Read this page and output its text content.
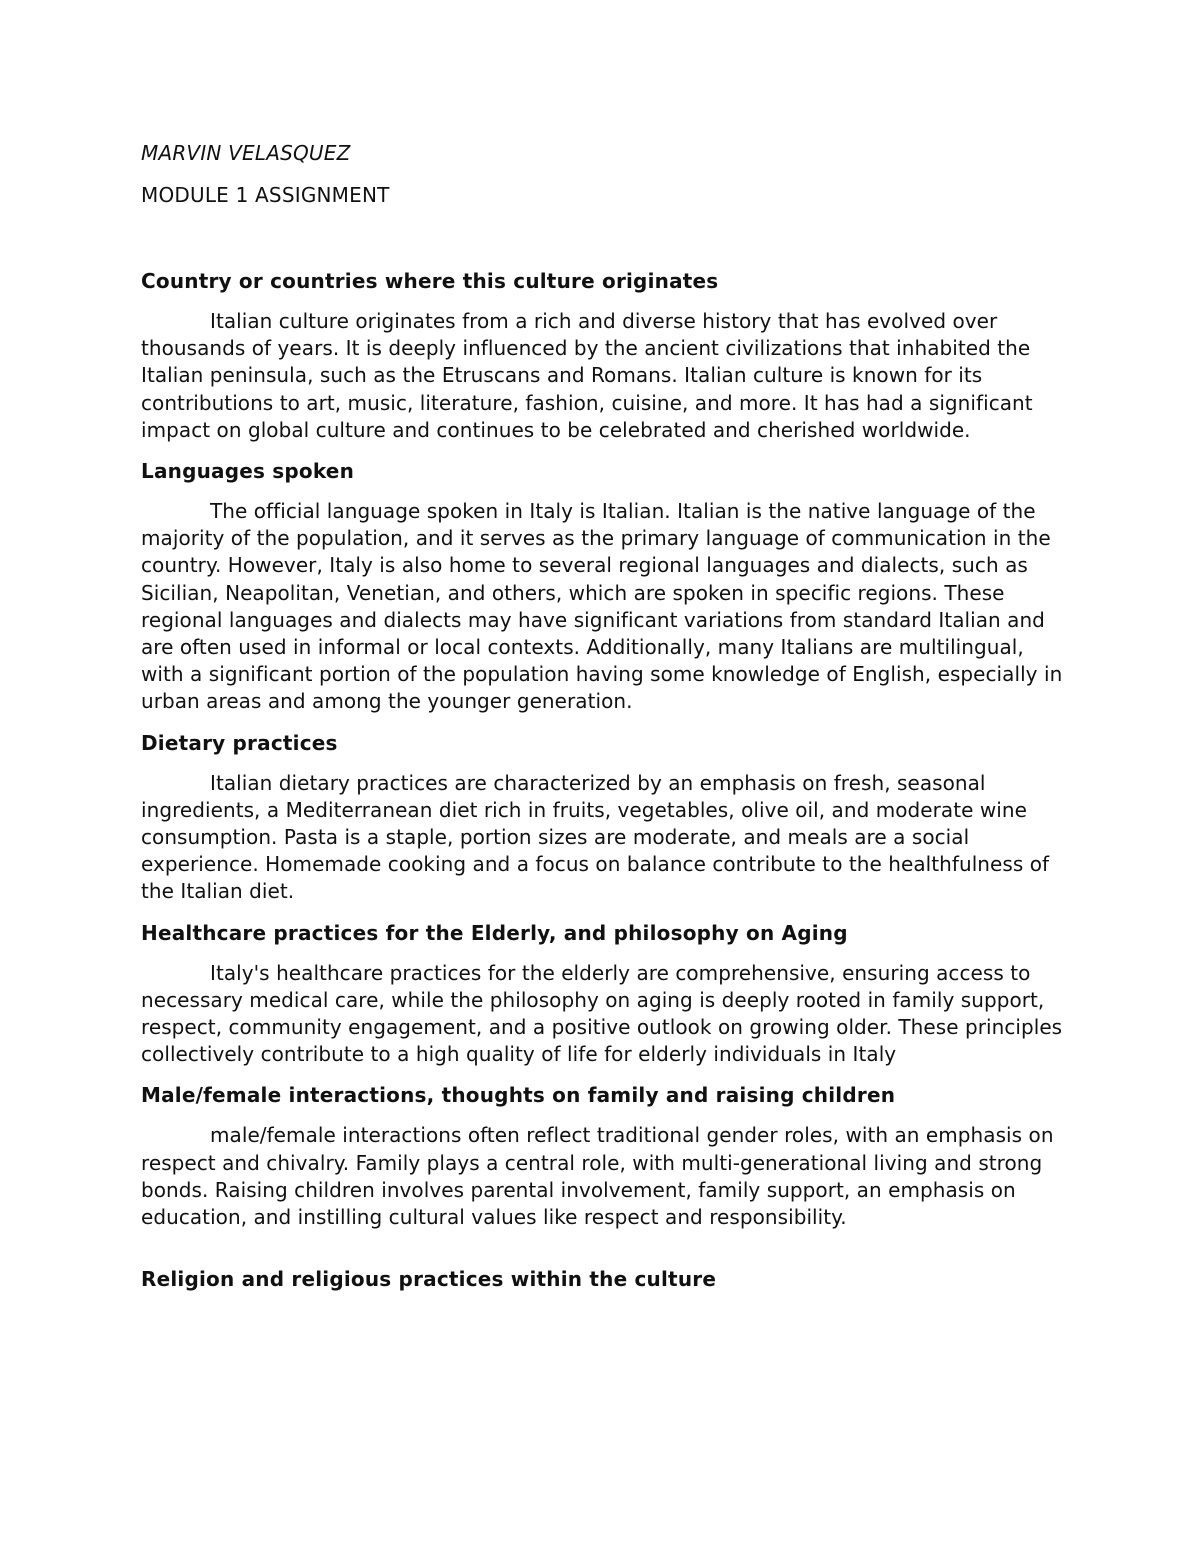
MARVIN VELASQUEZ
MODULE 1 ASSIGNMENT
Country or countries where this culture originates

Italian culture originates from a rich and diverse history that has evolved over thousands of years. It is deeply influenced by the ancient civilizations that inhabited the Italian peninsula, such as the Etruscans and Romans. Italian culture is known for its contributions to art, music, literature, fashion, cuisine, and more. It has had a significant impact on global culture and continues to be celebrated and cherished worldwide.

Languages spoken

The official language spoken in Italy is Italian. Italian is the native language of the majority of the population, and it serves as the primary language of communication in the country. However, Italy is also home to several regional languages and dialects, such as Sicilian, Neapolitan, Venetian, and others, which are spoken in specific regions. These regional languages and dialects may have significant variations from standard Italian and are often used in informal or local contexts. Additionally, many Italians are multilingual, with a significant portion of the population having some knowledge of English, especially in urban areas and among the younger generation.

Dietary practices

Italian dietary practices are characterized by an emphasis on fresh, seasonal ingredients, a Mediterranean diet rich in fruits, vegetables, olive oil, and moderate wine consumption. Pasta is a staple, portion sizes are moderate, and meals are a social experience. Homemade cooking and a focus on balance contribute to the healthfulness of the Italian diet.

Healthcare practices for the Elderly, and philosophy on Aging

Italy's healthcare practices for the elderly are comprehensive, ensuring access to necessary medical care, while the philosophy on aging is deeply rooted in family support, respect, community engagement, and a positive outlook on growing older. These principles collectively contribute to a high quality of life for elderly individuals in Italy

Male/female interactions, thoughts on family and raising children

male/female interactions often reflect traditional gender roles, with an emphasis on respect and chivalry. Family plays a central role, with multi-generational living and strong bonds. Raising children involves parental involvement, family support, an emphasis on education, and instilling cultural values like respect and responsibility.

Religion and religious practices within the culture
